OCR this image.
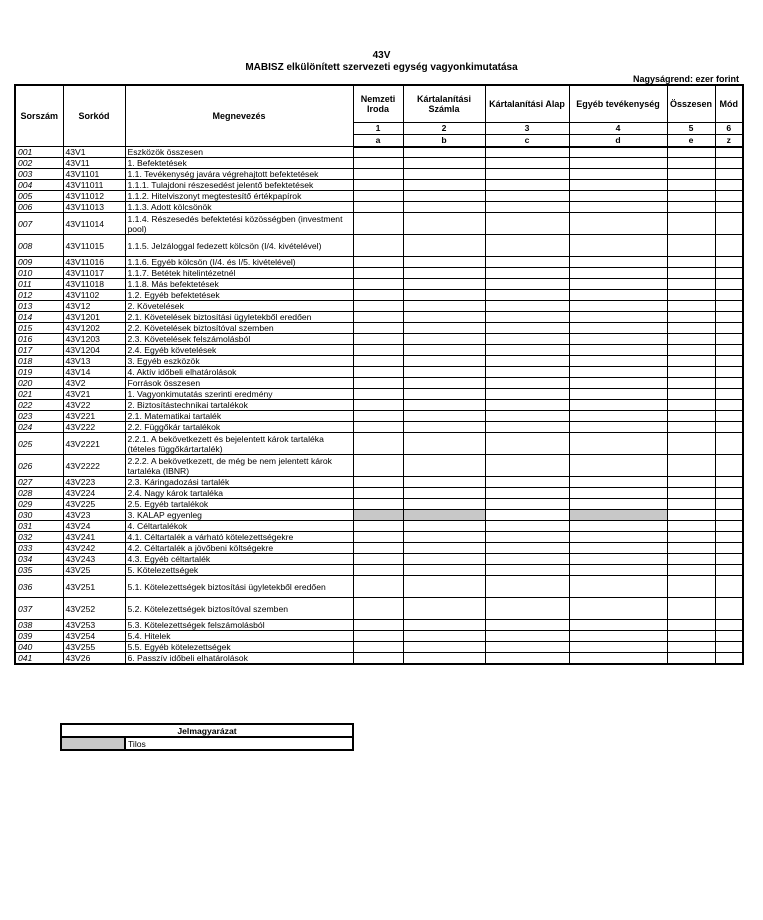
43V
MABISZ elkülönített szervezeti egység vagyonkimutatása
Nagyságrend: ezer forint
Sorszám	Sorkód	Megnevezés	Nemzeti Iroda	Kártalanítási Számla	Kártalanítási Alap	Egyéb tevékenység	Összesen	Mód
			1	2	3	4	5	6
			a	b	c	d	e	z
001	43V1	Eszközök összesen						
002	43V11	1. Befektetések						
003	43V1101	1.1. Tevékenység javára végrehajtott befektetések						
004	43V11011	1.1.1. Tulajdoni részesedést jelentő befektetések						
005	43V11012	1.1.2. Hitelviszonyt megtestesítő értékpapírok						
006	43V11013	1.1.3. Adott kölcsönök						
007	43V11014	1.1.4. Részesedés befektetési közösségben (investment pool)						
008	43V11015	1.1.5. Jelzáloggal fedezett kölcsön (I/4. kivételével)						
009	43V11016	1.1.6. Egyéb kölcsön (I/4. és I/5. kivételével)						
010	43V11017	1.1.7. Betétek hitelintézetnél						
011	43V11018	1.1.8. Más befektetések						
012	43V1102	1.2. Egyéb befektetések						
013	43V12	2. Követelések						
014	43V1201	2.1. Követelések biztosítási ügyletekből eredően						
015	43V1202	2.2. Követelések biztosítóval szemben						
016	43V1203	2.3. Követelések felszámolásból						
017	43V1204	2.4. Egyéb követelések						
018	43V13	3. Egyéb eszközök						
019	43V14	4. Aktív időbeli elhatárolások						
020	43V2	Források összesen						
021	43V21	1. Vagyonkimutatás szerinti eredmény						
022	43V22	2. Biztosítástechnikai tartalékok						
023	43V221	2.1. Matematikai tartalék						
024	43V222	2.2. Függőkár tartalékok						
025	43V2221	2.2.1. A bekövetkezett és bejelentett károk tartaléka (tételes függőkártartalék)						
026	43V2222	2.2.2. A bekövetkezett, de még be nem jelentett károk tartaléka (IBNR)						
027	43V223	2.3. Káringadozási tartalék						
028	43V224	2.4. Nagy károk tartaléka						
029	43V225	2.5. Egyéb tartalékok						
030	43V23	3. KALAP egyenleg						
031	43V24	4. Céltartalékok						
032	43V241	4.1. Céltartalék a várható kötelezettségekre						
033	43V242	4.2. Céltartalék a jövőbeni költségekre						
034	43V243	4.3. Egyéb céltartalék						
035	43V25	5. Kötelezettségek						
036	43V251	5.1. Kötelezettségek biztosítási ügyletekből eredően						
037	43V252	5.2. Kötelezettségek biztosítóval szemben						
038	43V253	5.3. Kötelezettségek felszámolásból						
039	43V254	5.4. Hitelek						
040	43V255	5.5. Egyéb kötelezettségek						
041	43V26	6. Passzív időbeli elhatárolások						
Jelmagyarázat
	Tilos
